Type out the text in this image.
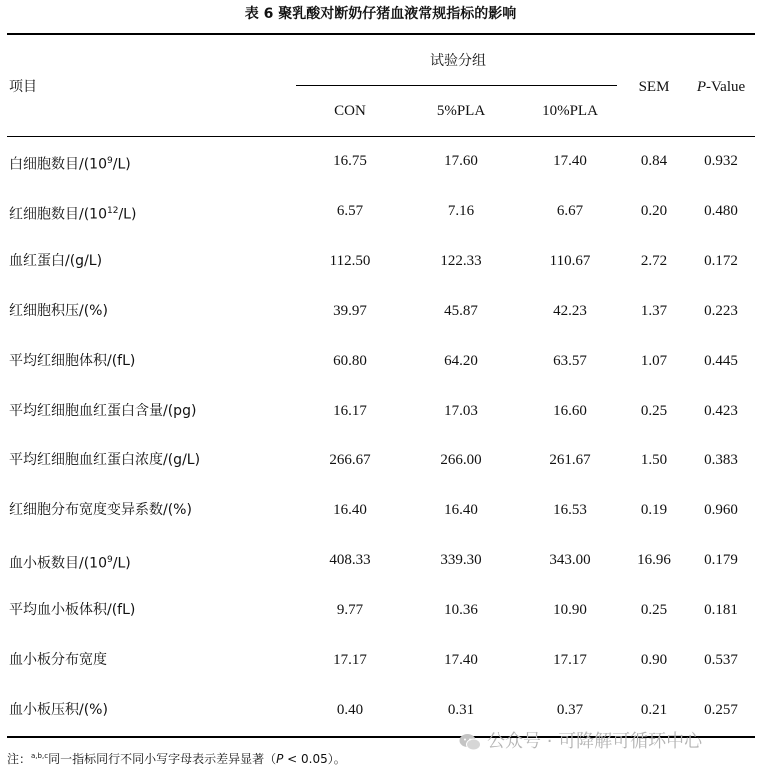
表 6 聚乳酸对断奶仔猪血液常规指标的影响
项目
试验分组
CON	5%PLA	10%PLA
SEM P-Value
白细胞数目$/(10^9/L)$	16.75	17.60	17.40	0.84 0.932
红细胞数目$/(10^{12}/L)$	6.57	7.16	6.67	0.20 0.480
血红蛋白/(g/L)	112.50	122.33	110.67	2.72 0.172
红细胞积压/(%)	39.97	45.87	42.23	1.37 0.223
平均红细胞体积/(fL)	60.80	64.20	63.57	1.07 0.445
平均红细胞血红蛋白含量/(pg)	16.17	17.03	16.60	0.25 0.423
平均红细胞血红蛋白浓度/(g/L)	266.67	266.00	261.67	1.50 0.383
红细胞分布宽度变异系数/(%)	16.40	16.40	16.53	0.19 0.960
血小板数目$/(10^9/L)$	408.33	339.30	343.00	16.96 0.179
平均血小板体积/(fL)	9.77	10.36	10.90	0.25 0.181
血小板分布宽度	17.17	17.40	17.17	0.90 0.537
血小板压积/(%)	0.40	0.31	0.37	0.21 0.257
注：$^{a,b,c}$同一指标同行不同小写字母表示差异显著（P < 0.05）。
公众号 · 可降解可循环中心
